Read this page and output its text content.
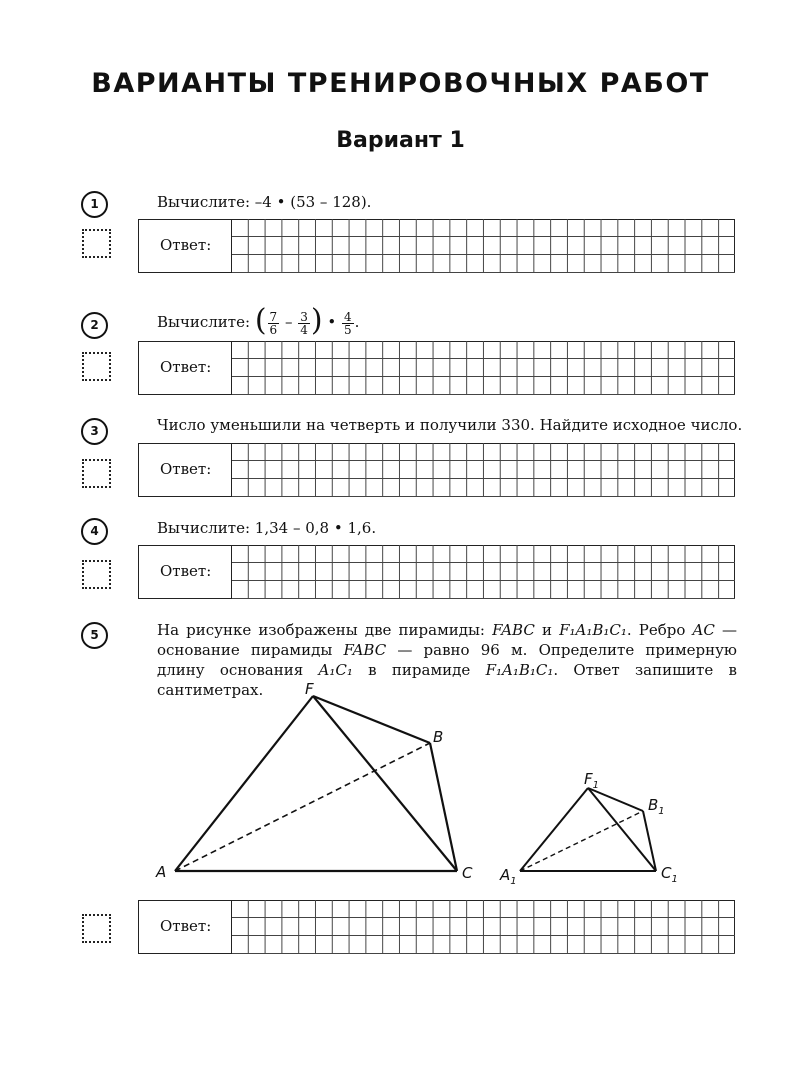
ВАРИАНТЫ ТРЕНИРОВОЧНЫХ РАБОТ
Вариант 1
1	Вычислите: –4 • (53 – 128).
Ответ:
2	Вычислите: ( $\frac{7}{6} - \frac{3}{4}$ ) • $\frac{4}{5}$ .
Ответ:
3	Число уменьшили на четверть и получили 330. Найдите исходное число.
Ответ:
4	Вычислите: 1,34 – 0,8 • 1,6.
Ответ:
5	На рисунке изображены две пирамиды: FABC и F₁A₁B₁C₁. Ребро AC — основание пирамиды FABC — равно 96 м. Определите примерную длину основания A₁C₁ в пирамиде F₁A₁B₁C₁. Ответ запишите в сантиметрах.	F
A
B
C
$F_1$
$B_1$
$A_1$	$C_1$
Ответ:
